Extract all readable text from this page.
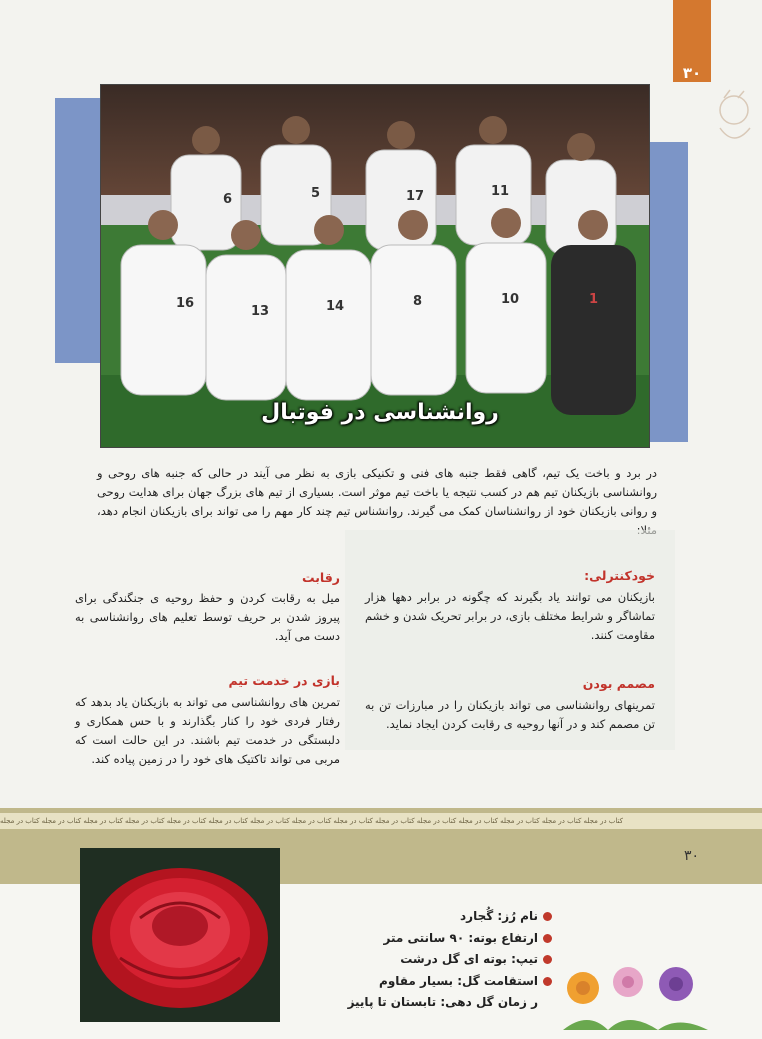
۳۰
6	5	17	11
16
13	14	8	10	1
روانشناسی در فوتبال
در برد و باخت یک تیم، گاهی فقط جنبه های فنی و تکنیکی بازی به نظر می آیند در حالی که جنبه های روحی و روانشناسی بازیکنان تیم هم در کسب نتیجه یا باخت تیم موثر است. بسیاری از تیم های بزرگ جهان برای هدایت روحی و روانی بازیکنان خود از روانشناسان کمک می گیرند. روانشناس تیم چند کار مهم را می تواند برای بازیکنان انجام دهد،
خودکنترلی:
بازیکنان می توانند یاد بگیرند که چگونه در برابر دهها هزار تماشاگر و شرایط مختلف بازی، در برابر تحریک شدن و خشم مقاومت کنند.
مصمم بودن
تمرینهای روانشناسی می تواند بازیکنان را در مبارزات تن به تن مصمم کند و در آنها روحیه ی رقابت کردن ایجاد نماید.
رقابت
میل به رقابت کردن و حفظ روحیه ی جنگندگی برای پیروز شدن بر حریف توسط تعلیم های روانشناسی به دست می آید.
بازی در خدمت تیم
تمرین های روانشناسی می تواند به بازیکنان یاد بدهد که رفتار فردی خود را کنار بگذارند و با حس همکاری و دلبستگی در خدمت تیم باشند. در این حالت است که مربی می تواند تاکتیک های خود را در زمین پیاده کند.
کتاب در مجله کتاب در مجله کتاب در مجله کتاب در مجله کتاب در مجله کتاب در مجله کتاب در مجله کتاب در مجله کتاب در مجله کتاب در مجله کتاب در مجله کتاب در مجله کتاب در مجله کتاب در مجله کتاب در مجله
۳۰
نام رُز: گُجارد
ارتفاع بوته: ۹۰ سانتی متر
تیپ: بوته ای گل درشت
استقامت گل: بسیار مقاوم
ر زمان گل دهی: تابستان تا پاییز
